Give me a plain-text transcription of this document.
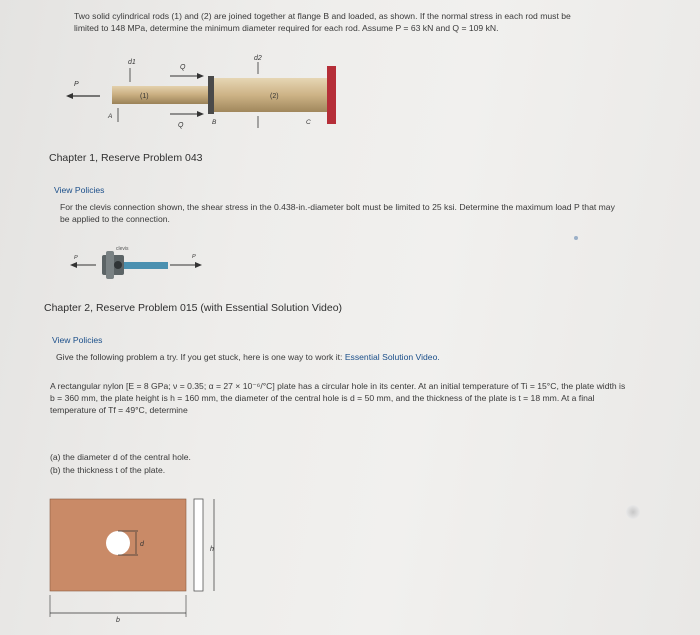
Two solid cylindrical rods (1) and (2) are joined together at flange B and loaded, as shown. If the normal stress in each rod must be limited to 148 MPa, determine the minimum diameter required for each rod. Assume P = 63 kN and Q = 109 kN.
P
(1)
d1
Q
Q
A
B
(2)
d2
C
Chapter 1, Reserve Problem 043
View Policies
For the clevis connection shown, the shear stress in the 0.438-in.-diameter bolt must be limited to 25 ksi. Determine the maximum load P that may be applied to the connection.
clevis
P	P
Chapter 2, Reserve Problem 015 (with Essential Solution Video)
View Policies
Give the following problem a try. If you get stuck, here is one way to work it: Essential Solution Video.
A rectangular nylon [E = 8 GPa; ν = 0.35; α = 27 × 10⁻⁶/°C] plate has a circular hole in its center. At an initial temperature of Ti = 15°C, the plate width is b = 360 mm, the plate height is h = 160 mm, the diameter of the central hole is d = 50 mm, and the thickness of the plate is t = 18 mm. At a final temperature of Tf = 49°C, determine
(a) the diameter d of the central hole.
(b) the thickness t of the plate.
d
h
b
